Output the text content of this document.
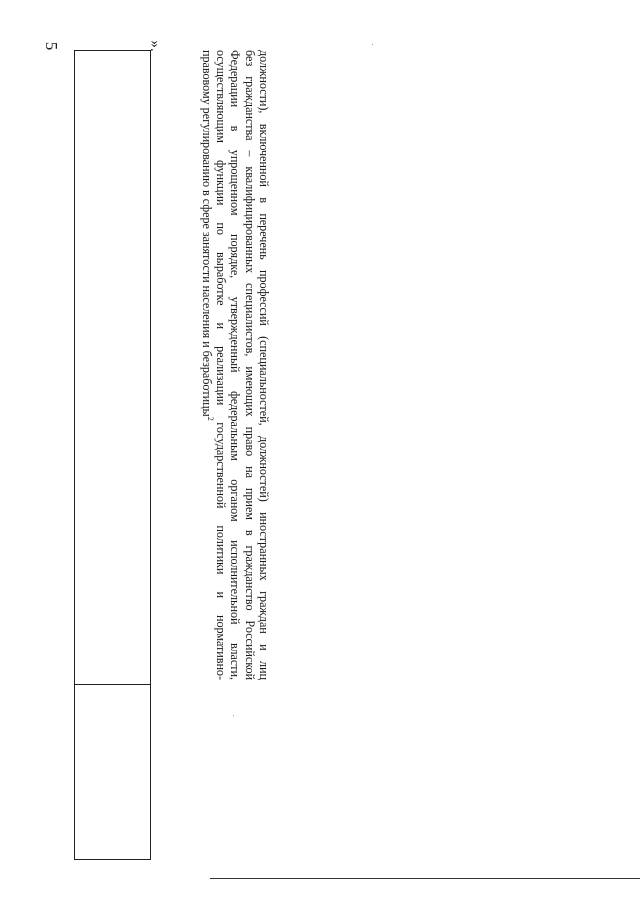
5	».
должности), включенной в перечень профессий (специальностей, должностей) иностранных граждан и лиц
без гражданства – квалифицированных специалистов, имеющих право на прием в гражданство Российской
Федерации в упрощенном порядке, утвержденный федеральным органом исполнительной власти,
осуществляющим функции по выработке и реализации государственной политики и нормативно-
правовому регулированию в сфере занятости населения и безработицы$^2$
